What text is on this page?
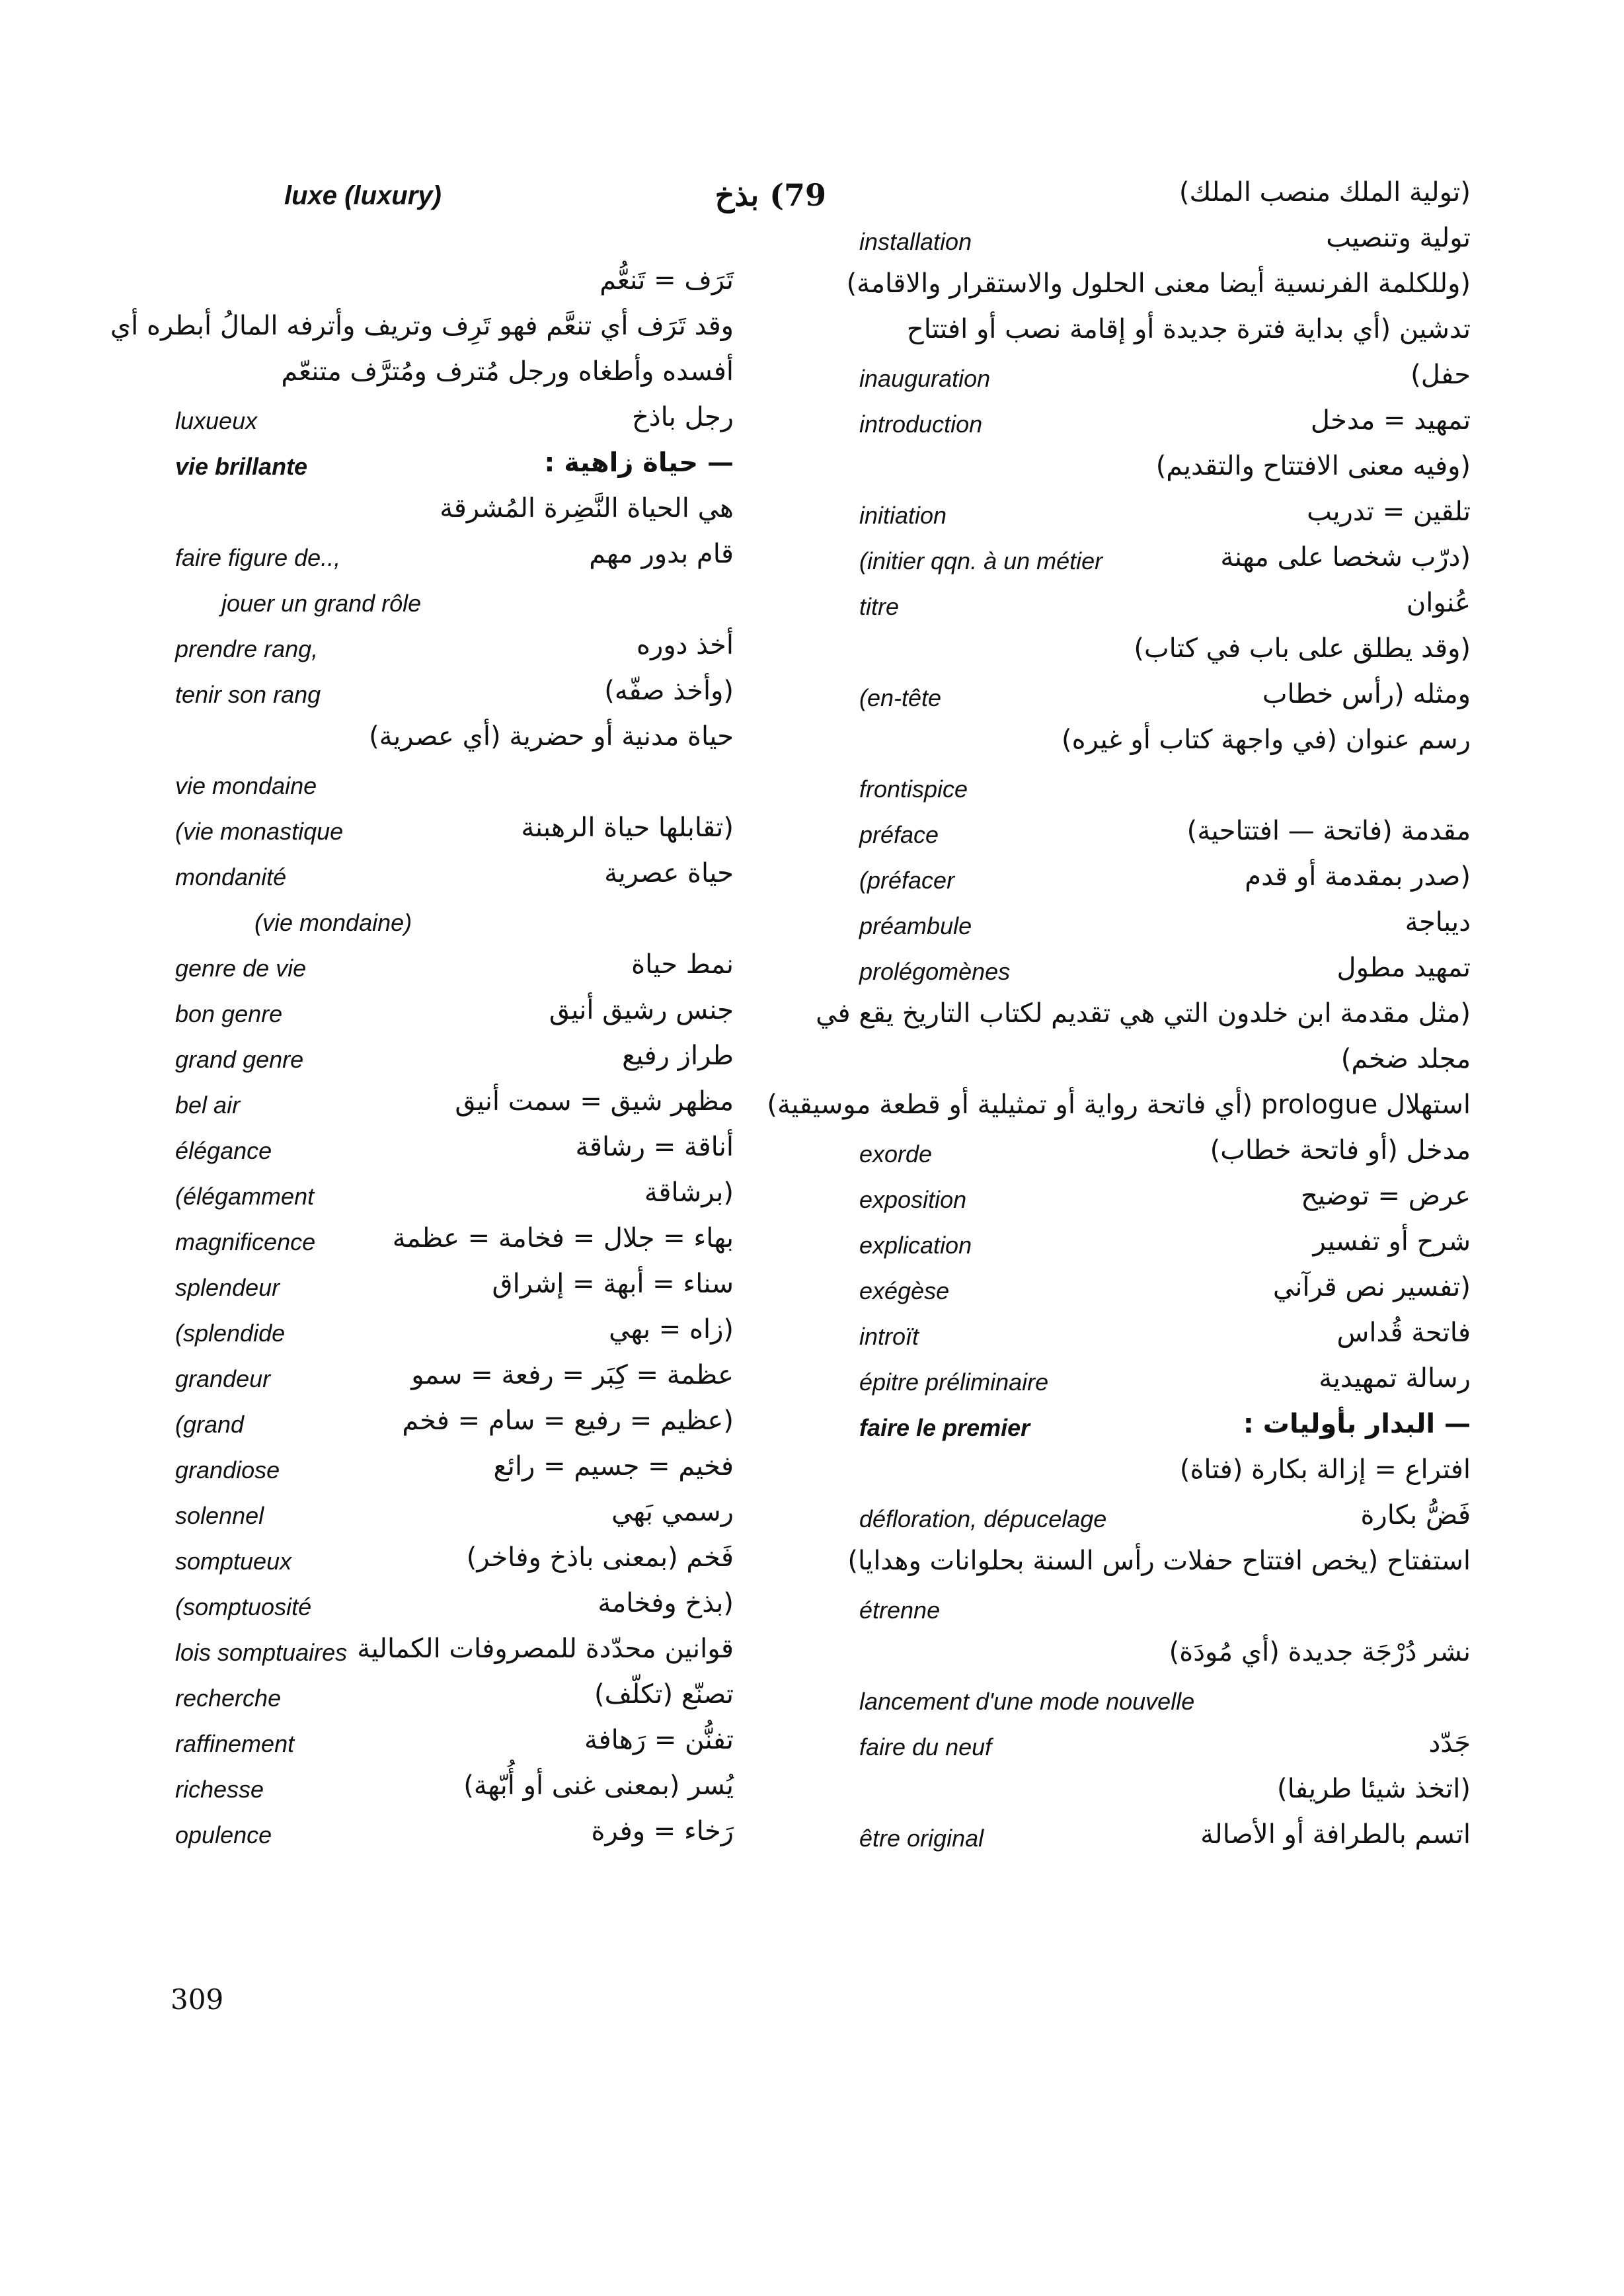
luxe (luxury)	79) بذخ
تَرَف = تَنعُّم
وقد تَرَف أي تنعَّم فهو تَرِف وتريف وأترفه المالُ أبطره أي
أفسده وأطغاه ورجل مُترف ومُترَّف متنعّم
رجل باذخ
luxueux
— حياة زاهية :
vie brillante
هي الحياة النَّضِرة المُشرقة
قام بدور مهم
faire figure de..,
jouer un grand rôle
أخذ دوره
prendre rang,
(وأخذ صفّه)
tenir son rang
حياة مدنية أو حضرية (أي عصرية)
vie mondaine
(تقابلها حياة الرهبنة
(vie monastique
حياة عصرية
mondanité
(vie mondaine)
نمط حياة
genre de vie
جنس رشيق أنيق
bon genre
طراز رفيع
grand genre
مظهر شيق = سمت أنيق
bel air
أناقة = رشاقة
élégance
(برشاقة
(élégamment
بهاء = جلال = فخامة = عظمة
magnificence
سناء = أبهة = إشراق
splendeur
(زاه = بهي
(splendide
عظمة = كِبَر = رفعة = سمو
grandeur
(عظيم = رفيع = سام = فخم
(grand
فخيم = جسيم = رائع
grandiose
رسمي بَهي
solennel
فَخم (بمعنى باذخ وفاخر)
somptueux
(بذخ وفخامة
(somptuosité
قوانين محدّدة للمصروفات الكمالية
lois somptuaires
تصنّع (تكلّف)
recherche
تفنُّن = رَهافة
raffinement
يُسر (بمعنى غنى أو أُبّهة)
richesse
رَخاء = وفرة
opulence
(تولية الملك منصب الملك)
تولية وتنصيب
installation
(وللكلمة الفرنسية أيضا معنى الحلول والاستقرار والاقامة)
تدشين (أي بداية فترة جديدة أو إقامة نصب أو افتتاح
حفل)
inauguration
تمهيد = مدخل
introduction
(وفيه معنى الافتتاح والتقديم)
تلقين = تدريب
initiation
(درّب شخصا على مهنة
(initier qqn. à un métier
عُنوان
titre
(وقد يطلق على باب في كتاب)
ومثله (رأس خطاب
(en-tête
رسم عنوان (في واجهة كتاب أو غيره)
frontispice
مقدمة (فاتحة — افتتاحية)
préface
(صدر بمقدمة أو قدم
(préfacer
ديباجة
préambule
تمهيد مطول
prolégomènes
(مثل مقدمة ابن خلدون التي هي تقديم لكتاب التاريخ يقع في
مجلد ضخم)
استهلال prologue (أي فاتحة رواية أو تمثيلية أو قطعة موسيقية)
مدخل (أو فاتحة خطاب)
exorde
عرض = توضيح
exposition
شرح أو تفسير
explication
(تفسير نص قرآني
exégèse
فاتحة قُداس
introït
رسالة تمهيدية
épitre préliminaire
— البدار بأوليات :
faire le premier
افتراع = إزالة بكارة (فتاة)
فَضُّ بكارة
défloration, dépucelage
استفتاح (يخص افتتاح حفلات رأس السنة بحلوانات وهدايا)
étrenne
نشر دُرْجَة جديدة (أي مُودَة)
lancement d'une mode nouvelle
جَدّد
faire du neuf
(اتخذ شيئا طريفا)
اتسم بالطرافة أو الأصالة
être original
309
